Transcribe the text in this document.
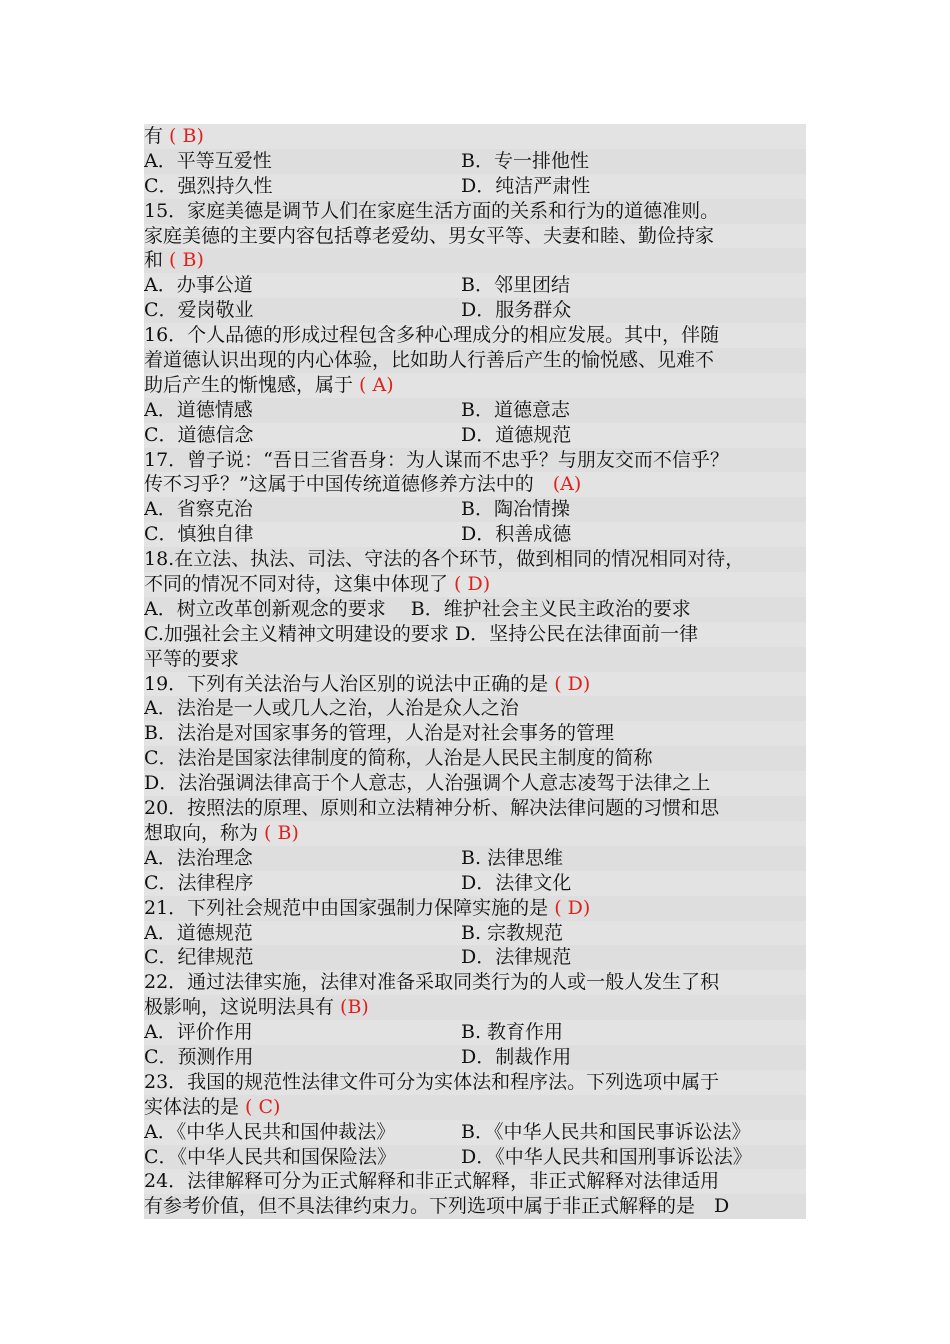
有 ( B)
A．平等互爱性	B．专一排他性
C．强烈持久性	D．纯洁严肃性
15．家庭美德是调节人们在家庭生活方面的关系和行为的道德准则。
家庭美德的主要内容包括尊老爱幼、男女平等、夫妻和睦、勤俭持家
和 ( B)
A．办事公道	B．邻里团结
C．爱岗敬业	D．服务群众
16．个人品德的形成过程包含多种心理成分的相应发展。其中，伴随
着道德认识出现的内心体验，比如助人行善后产生的愉悦感、见难不
助后产生的惭愧感，属于 ( A)
A．道德情感	B．道德意志
C．道德信念	D．道德规范
17．曾子说：“吾日三省吾身：为人谋而不忠乎？与朋友交而不信乎？
传不习乎？”这属于中国传统道德修养方法中的　(A)
A．省察克治	B．陶冶情操
C．慎独自律	D．积善成德
18.在立法、执法、司法、守法的各个环节，做到相同的情况相同对待，
不同的情况不同对待，这集中体现了 ( D)
A．树立改革创新观念的要求　 B．维护社会主义民主政治的要求
C.加强社会主义精神文明建设的要求 D．坚持公民在法律面前一律
平等的要求
19．下列有关法治与人治区别的说法中正确的是 ( D)
A．法治是一人或几人之治，人治是众人之治
B．法治是对国家事务的管理，人治是对社会事务的管理
C．法治是国家法律制度的简称，人治是人民民主制度的简称
D．法治强调法律高于个人意志，人治强调个人意志凌驾于法律之上
20．按照法的原理、原则和立法精神分析、解决法律问题的习惯和思
想取向，称为 ( B)
A．法治理念	B. 法律思维
C．法律程序	D．法律文化
21．下列社会规范中由国家强制力保障实施的是 ( D)
A．道德规范	B. 宗教规范
C．纪律规范	D．法律规范
22．通过法律实施，法律对准备采取同类行为的人或一般人发生了积
极影响，这说明法具有 (B)
A．评价作用	B. 教育作用
C．预测作用	D．制裁作用
23．我国的规范性法律文件可分为实体法和程序法。下列选项中属于
实体法的是 ( C)
A．《中华人民共和国仲裁法》	B．《中华人民共和国民事诉讼法》
C．《中华人民共和国保险法》	D．《中华人民共和国刑事诉讼法》
24．法律解释可分为正式解释和非正式解释，非正式解释对法律适用
有参考价值，但不具法律约束力。下列选项中属于非正式解释的是　D
